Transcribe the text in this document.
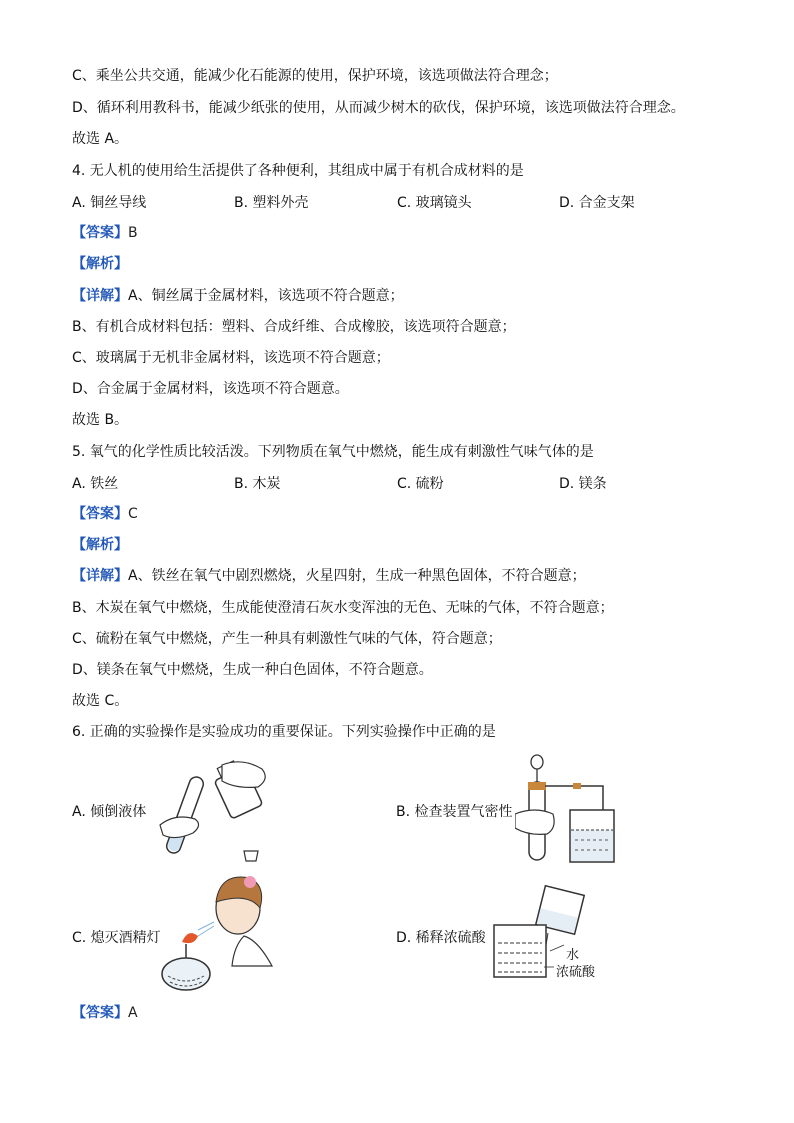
C、乘坐公共交通，能减少化石能源的使用，保护环境，该选项做法符合理念；
D、循环利用教科书，能减少纸张的使用，从而减少树木的砍伐，保护环境，该选项做法符合理念。
故选 A。
4. 无人机的使用给生活提供了各种便利，其组成中属于有机合成材料的是
A. 铜丝导线	B. 塑料外壳	C. 玻璃镜头	D. 合金支架
【答案】B
【解析】
【详解】A、铜丝属于金属材料，该选项不符合题意；
B、有机合成材料包括：塑料、合成纤维、合成橡胶，该选项符合题意；
C、玻璃属于无机非金属材料，该选项不符合题意；
D、合金属于金属材料，该选项不符合题意。
故选 B。
5. 氧气的化学性质比较活泼。下列物质在氧气中燃烧，能生成有刺激性气味气体的是
A. 铁丝	B. 木炭	C. 硫粉	D. 镁条
【答案】C
【解析】
【详解】A、铁丝在氧气中剧烈燃烧，火星四射，生成一种黑色固体，不符合题意；
B、木炭在氧气中燃烧，生成能使澄清石灰水变浑浊的无色、无味的气体，不符合题意；
C、硫粉在氧气中燃烧，产生一种具有刺激性气味的气体，符合题意；
D、镁条在氧气中燃烧，生成一种白色固体，不符合题意。
故选 C。
6. 正确的实验操作是实验成功的重要保证。下列实验操作中正确的是
A. 倾倒液体	B. 检查装置气密性
C. 熄灭酒精灯	D. 稀释浓硫酸
水
浓硫酸
【答案】A
